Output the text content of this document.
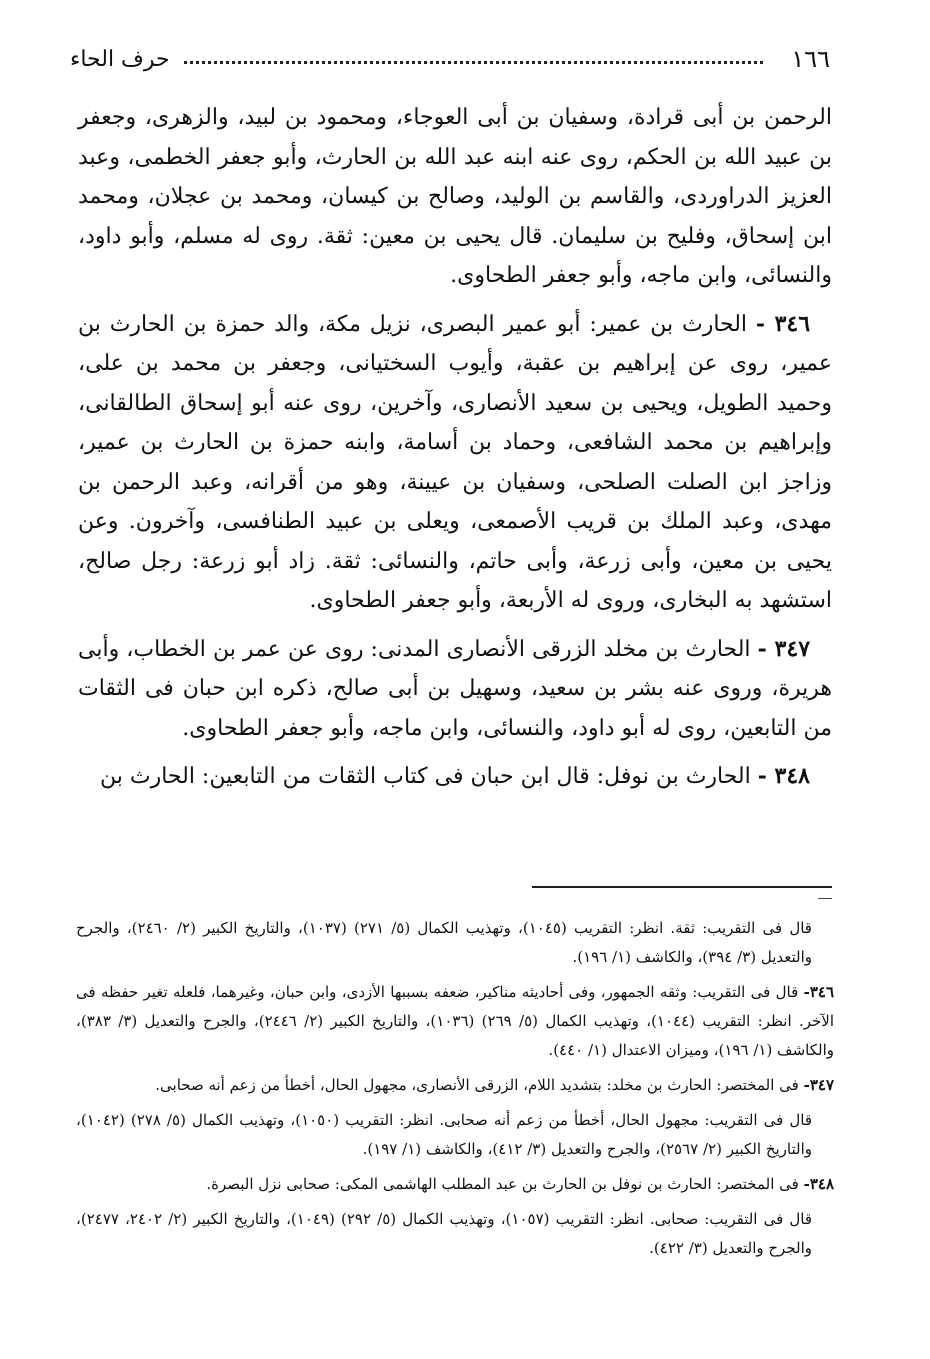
١٦٦
حرف الحاء

الرحمن بن أبى قرادة، وسفيان بن أبى العوجاء، ومحمود بن لبيد، والزهرى، وجعفر بن عبيد الله بن الحكم، روى عنه ابنه عبد الله بن الحارث، وأبو جعفر الخطمى، وعبد العزيز الدراوردى، والقاسم بن الوليد، وصالح بن كيسان، ومحمد بن عجلان، ومحمد ابن إسحاق، وفليح بن سليمان. قال يحيى بن معين: ثقة. روى له مسلم، وأبو داود، والنسائى، وابن ماجه، وأبو جعفر الطحاوى.

٣٤٦ - الحارث بن عمير: أبو عمير البصرى، نزيل مكة، والد حمزة بن الحارث بن عمير، روى عن إبراهيم بن عقبة، وأيوب السختيانى، وجعفر بن محمد بن على، وحميد الطويل، ويحيى بن سعيد الأنصارى، وآخرين، روى عنه أبو إسحاق الطالقانى، وإبراهيم بن محمد الشافعى، وحماد بن أسامة، وابنه حمزة بن الحارث بن عمير، وزاجز ابن الصلت الصلحى، وسفيان بن عيينة، وهو من أقرانه، وعبد الرحمن بن مهدى، وعبد الملك بن قريب الأصمعى، ويعلى بن عبيد الطنافسى، وآخرون. وعن يحيى بن معين، وأبى زرعة، وأبى حاتم، والنسائى: ثقة. زاد أبو زرعة: رجل صالح، استشهد به البخارى، وروى له الأربعة، وأبو جعفر الطحاوى.

٣٤٧ - الحارث بن مخلد الزرقى الأنصارى المدنى: روى عن عمر بن الخطاب، وأبى هريرة، وروى عنه بشر بن سعيد، وسهيل بن أبى صالح، ذكره ابن حبان فى الثقات من التابعين، روى له أبو داود، والنسائى، وابن ماجه، وأبو جعفر الطحاوى.

٣٤٨ - الحارث بن نوفل: قال ابن حبان فى كتاب الثقات من التابعين: الحارث بن

قال فى التقريب: ثقة. انظر: التقريب (١٠٤٥)، وتهذيب الكمال (٥/ ٢٧١) (١٠٣٧)، والتاريخ الكبير (٢/ ٢٤٦٠)، والجرح والتعديل (٣/ ٣٩٤)، والكاشف (١/ ١٩٦).

٣٤٦- قال فى التقريب: وثقه الجمهور، وفى أحاديثه مناكير، ضعفه بسببها الأزدى، وابن حبان، وغيرهما، فلعله تغير حفظه فى الآخر. انظر: التقريب (١٠٤٤)، وتهذيب الكمال (٥/ ٢٦٩) (١٠٣٦)، والتاريخ الكبير (٢/ ٢٤٤٦)، والجرح والتعديل (٣/ ٣٨٣)، والكاشف (١/ ١٩٦)، وميزان الاعتدال (١/ ٤٤٠).

٣٤٧- فى المختصر: الحارث بن مخلد: بتشديد اللام، الزرقى الأنصارى، مجهول الحال، أخطأ من زعم أنه صحابى.

قال فى التقريب: مجهول الحال، أخطأ من زعم أنه صحابى. انظر: التقريب (١٠٥٠)، وتهذيب الكمال (٥/ ٢٧٨) (١٠٤٢)، والتاريخ الكبير (٢/ ٢٥٦٧)، والجرح والتعديل (٣/ ٤١٢)، والكاشف (١/ ١٩٧).

٣٤٨- فى المختصر: الحارث بن نوفل بن الحارث بن عبد المطلب الهاشمى المكى: صحابى نزل البصرة.

قال فى التقريب: صحابى. انظر: التقريب (١٠٥٧)، وتهذيب الكمال (٥/ ٢٩٢) (١٠٤٩)، والتاريخ الكبير (٢/ ٢٤٠٢، ٢٤٧٧)، والجرح والتعديل (٣/ ٤٢٢).
